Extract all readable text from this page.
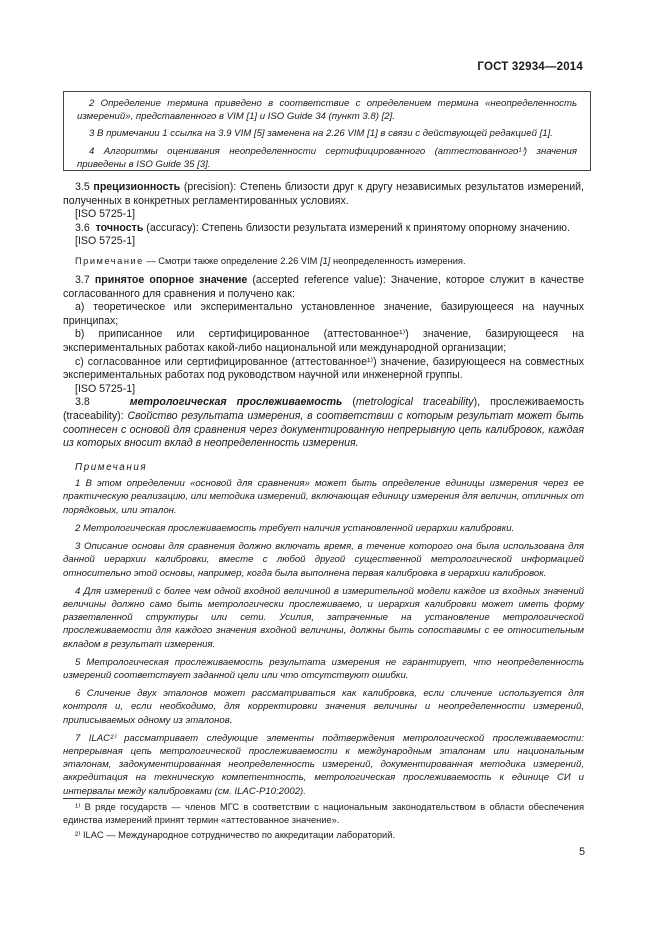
ГОСТ 32934—2014

2 Определение термина приведено в соответствие с определением термина «неопределенность измерений», представленного в VIM [1] и ISO Guide 34 (пункт 3.8) [2].

3 В примечании 1 ссылка на 3.9 VIM [5] заменена на 2.26 VIM [1] в связи с действующей редакцией [1].

4 Алгоритмы оценивания неопределенности сертифицированного (аттестованного¹⁾) значения приведены в ISO Guide 35 [3].

3.5 прецизионность (precision): Степень близости друг к другу независимых результатов измерений, полученных в конкретных регламентированных условиях.

[ISO 5725-1]

3.6 точность (accuracy): Степень близости результата измерений к принятому опорному значению.

[ISO 5725-1]

Примечание — Смотри также определение 2.26 VIM [1] неопределенность измерения.

3.7 принятое опорное значение (accepted reference value): Значение, которое служит в качестве согласованного для сравнения и получено как:

a) теоретическое или экспериментально установленное значение, базирующееся на научных принципах;

b) приписанное или сертифицированное (аттестованное¹⁾) значение, базирующееся на экспериментальных работах какой-либо национальной или международной организации;

c) согласованное или сертифицированное (аттестованное¹⁾) значение, базирующееся на совместных экспериментальных работах под руководством научной или инженерной группы.

[ISO 5725-1]

3.8	метрологическая прослеживаемость (metrological traceability), прослеживаемость (traceability): Свойство результата измерения, в соответствии с которым результат может быть соотнесен с основой для сравнения через документированную непрерывную цепь калибровок, каждая из которых вносит вклад в неопределенность измерения.

Примечания

1 В этом определении «основой для сравнения» может быть определение единицы измерения через ее практическую реализацию, или методика измерений, включающая единицу измерения для величин, отличных от порядковых, или эталон.

2 Метрологическая прослеживаемость требует наличия установленной иерархии калибровки.

3 Описание основы для сравнения должно включать время, в течение которого она была использована для данной иерархии калибровки, вместе с любой другой существенной метрологической информацией относительно этой основы, например, когда была выполнена первая калибровка в иерархии калибровок.

4 Для измерений с более чем одной входной величиной в измерительной модели каждое из входных значений величины должно само быть метрологически прослеживаемо, и иерархия калибровки может иметь форму разветвленной структуры или сети. Усилия, затраченные на установление метрологической прослеживаемости для каждого значения входной величины, должны быть сопоставимы с ее относительным вкладом в результат измерения.

5 Метрологическая прослеживаемость результата измерения не гарантирует, что неопределенность измерений соответствует заданной цели или что отсутствуют ошибки.

6 Сличение двух эталонов может рассматриваться как калибровка, если сличение используется для контроля и, если необходимо, для корректировки значения величины и неопределенности измерений, приписываемых одному из эталонов.

7 ILAC²⁾ рассматривает следующие элементы подтверждения метрологической прослеживаемости: непрерывная цепь метрологической прослеживаемости к международным эталонам или национальным эталонам, задокументированная неопределенность измерений, документированная методика измерений, аккредитация на техническую компетентность, метрологическая прослеживаемость к единице СИ и интервалы между калибровками (см. ILAC-P10:2002).

¹⁾ В ряде государств — членов МГС в соответствии с национальным законодательством в области обеспечения единства измерений принят термин «аттестованное значение».

²⁾ ILAC — Международное сотрудничество по аккредитации лабораторий.

5
